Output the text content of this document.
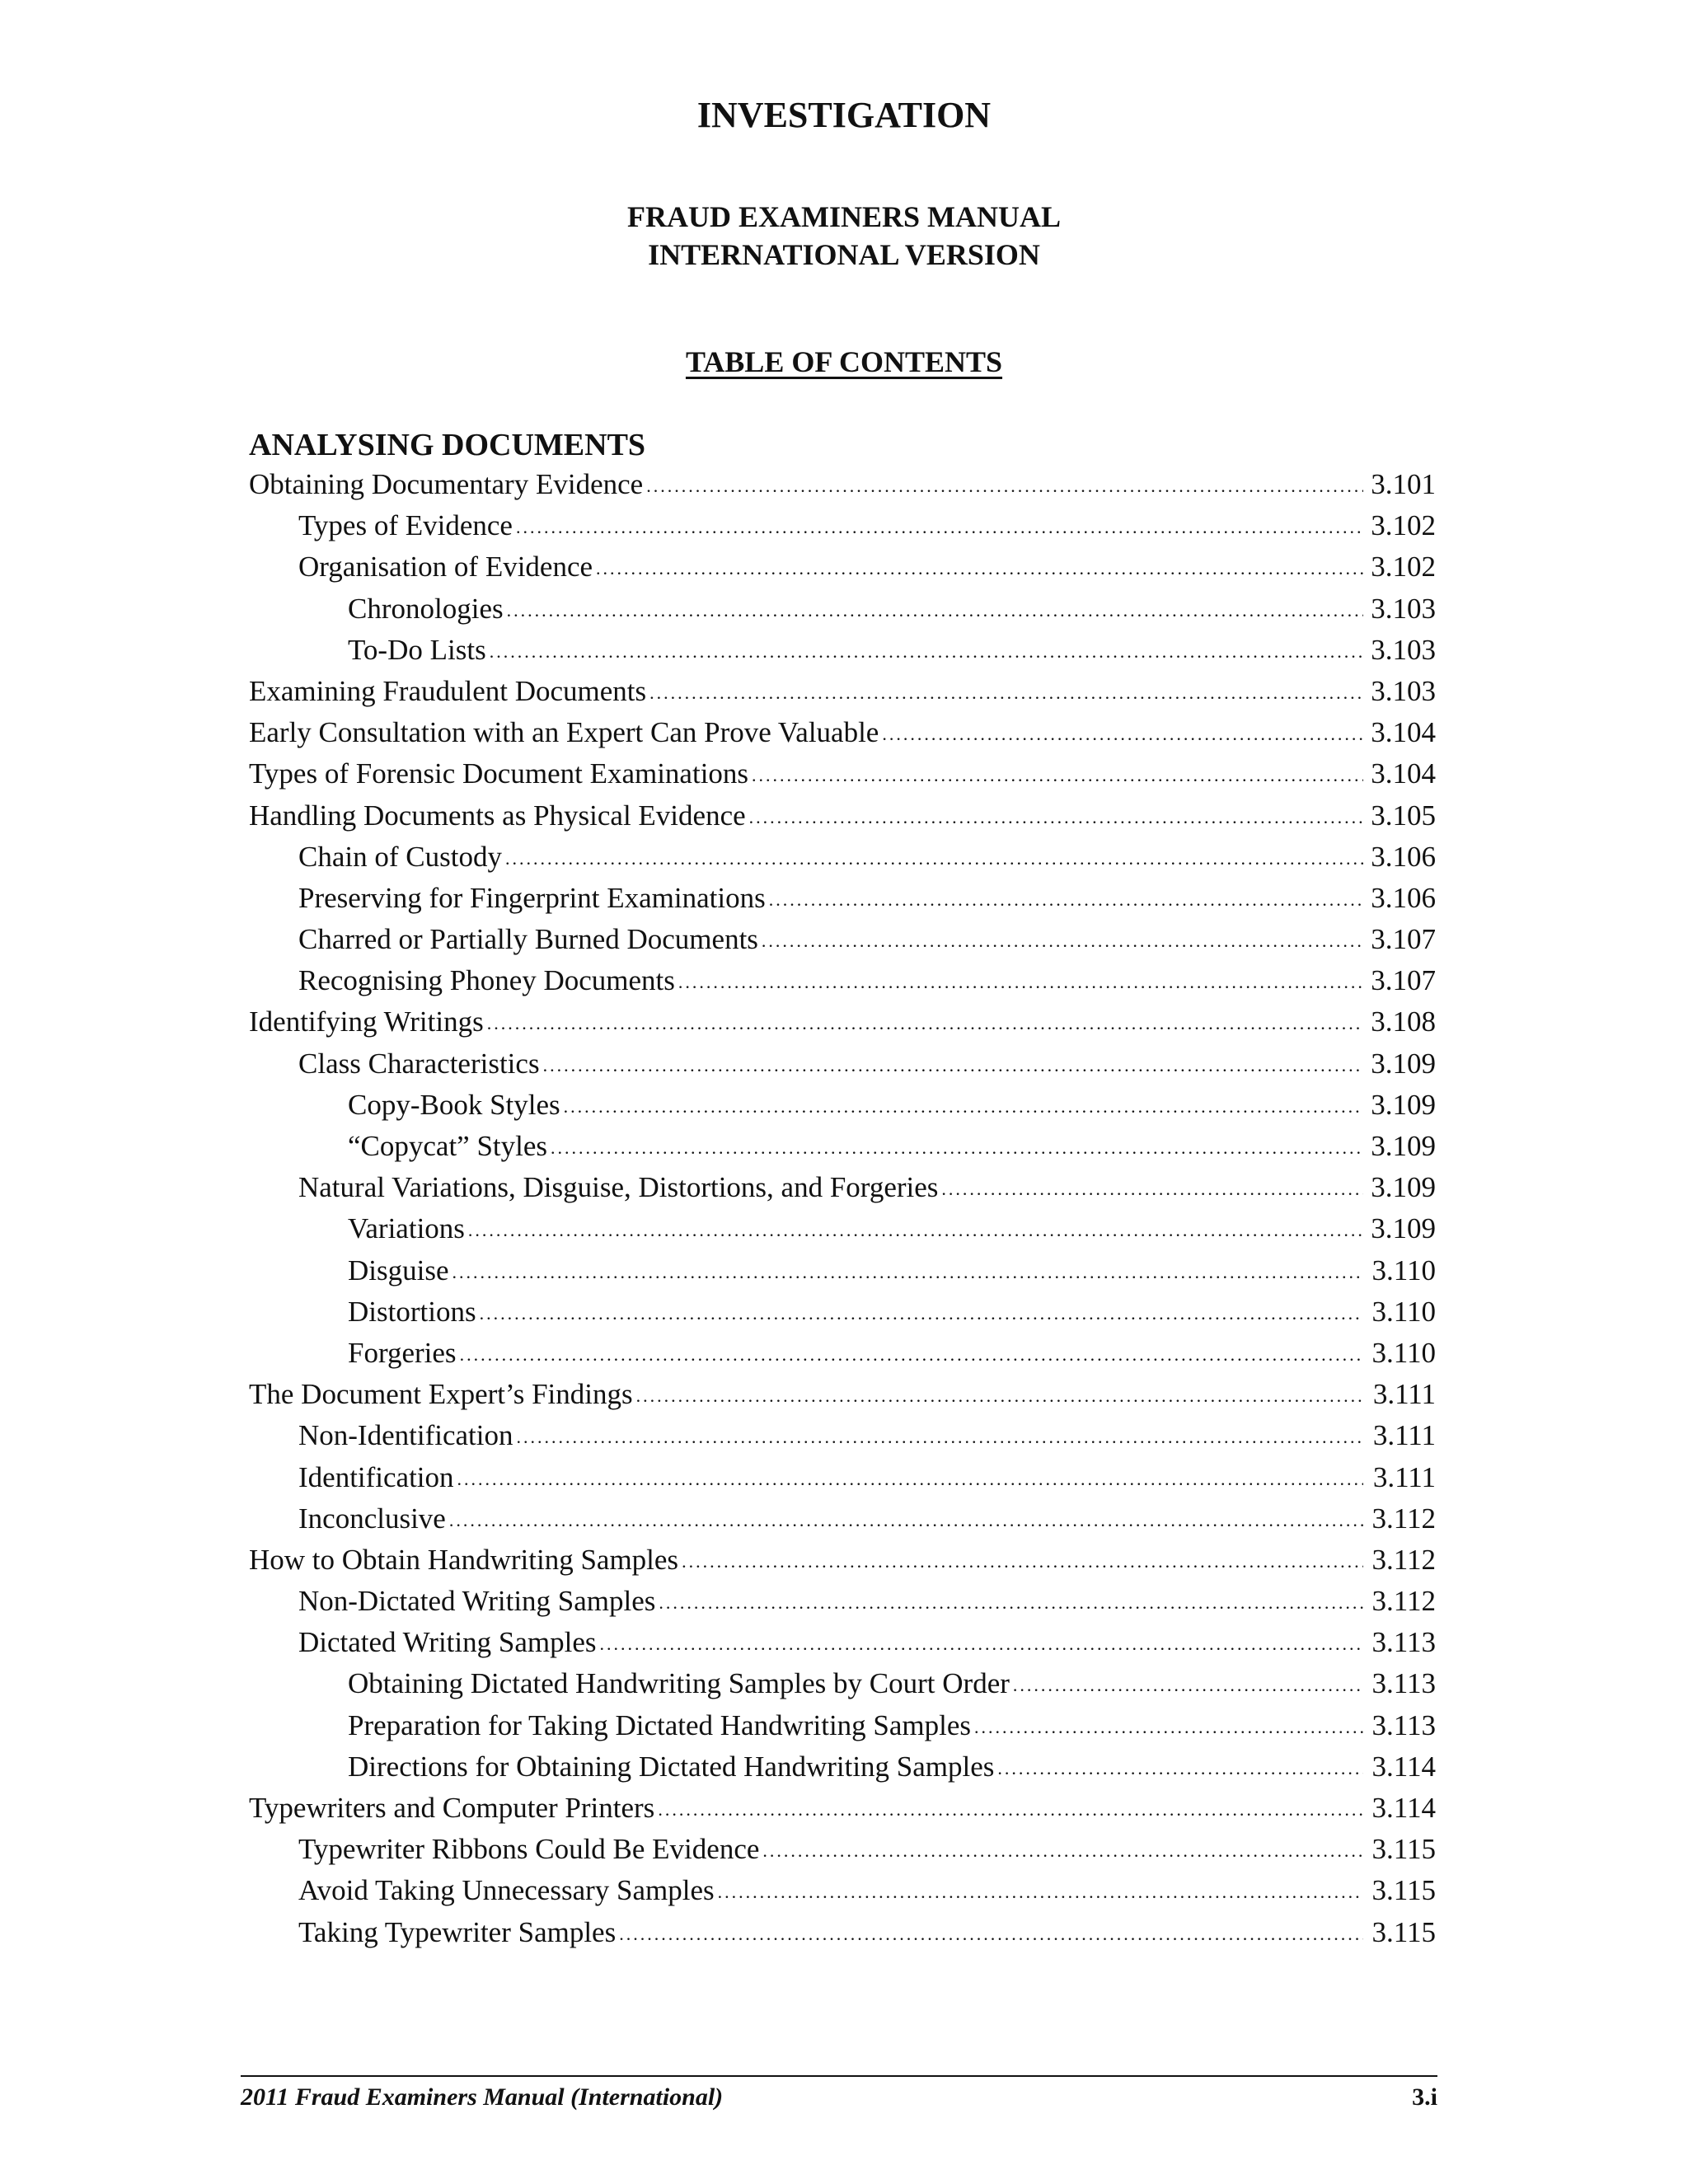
INVESTIGATION
FRAUD EXAMINERS MANUAL
INTERNATIONAL VERSION
TABLE OF CONTENTS
ANALYSING DOCUMENTS
Obtaining Documentary Evidence .....	3.101
Types of Evidence .....	3.102
Organisation of Evidence .....	3.102
Chronologies .....	3.103
To-Do Lists .....	3.103
Examining Fraudulent Documents .....	3.103
Early Consultation with an Expert Can Prove Valuable .....	3.104
Types of Forensic Document Examinations .....	3.104
Handling Documents as Physical Evidence .....	3.105
Chain of Custody .....	3.106
Preserving for Fingerprint Examinations .....	3.106
Charred or Partially Burned Documents .....	3.107
Recognising Phoney Documents .....	3.107
Identifying Writings .....	3.108
Class Characteristics .....	3.109
Copy-Book Styles .....	3.109
“Copycat” Styles .....	3.109
Natural Variations, Disguise, Distortions, and Forgeries .....	3.109
Variations .....	3.109
Disguise .....	3.110
Distortions .....	3.110
Forgeries .....	3.110
The Document Expert’s Findings .....	3.111
Non-Identification .....	3.111
Identification .....	3.111
Inconclusive .....	3.112
How to Obtain Handwriting Samples .....	3.112
Non-Dictated Writing Samples .....	3.112
Dictated Writing Samples .....	3.113
Obtaining Dictated Handwriting Samples by Court Order .....	3.113
Preparation for Taking Dictated Handwriting Samples .....	3.113
Directions for Obtaining Dictated Handwriting Samples .....	3.114
Typewriters and Computer Printers .....	3.114
Typewriter Ribbons Could Be Evidence .....	3.115
Avoid Taking Unnecessary Samples .....	3.115
Taking Typewriter Samples .....	3.115
2011 Fraud Examiners Manual (International)	3.i
